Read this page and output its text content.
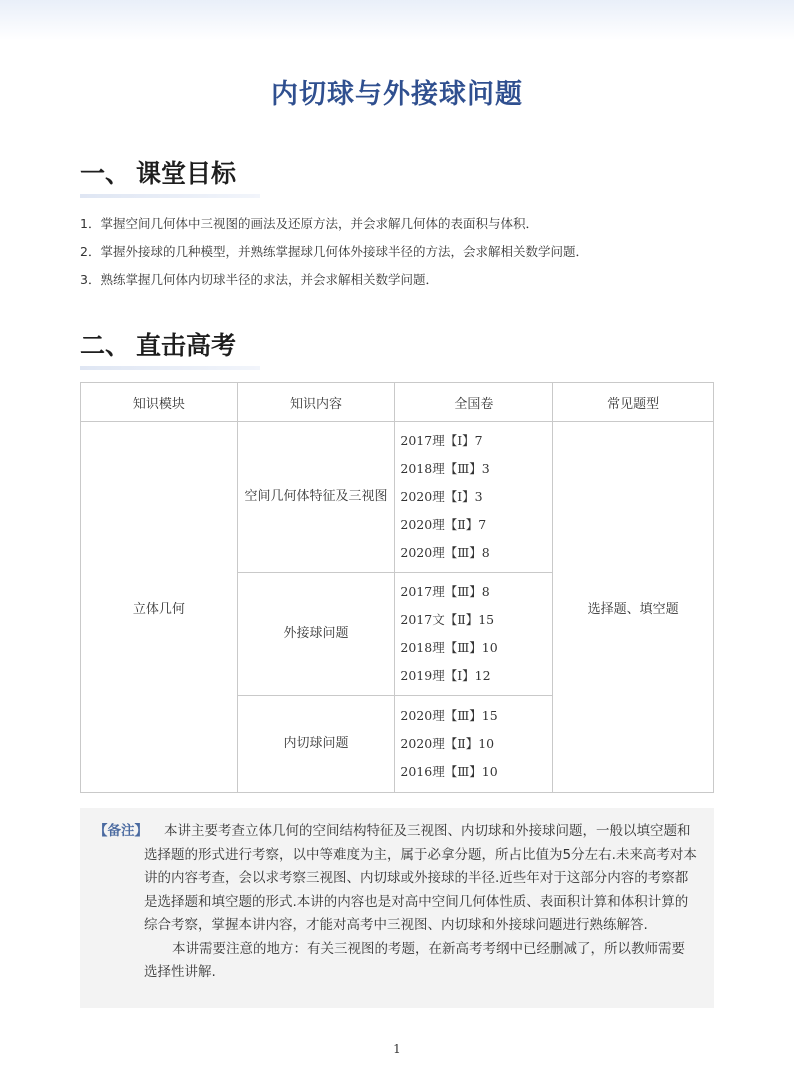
内切球与外接球问题
一、 课堂目标
1．掌握空间几何体中三视图的画法及还原方法，并会求解几何体的表面积与体积．
2．掌握外接球的几种模型，并熟练掌握球几何体外接球半径的方法，会求解相关数学问题．
3．熟练掌握几何体内切球半径的求法，并会求解相关数学问题．
二、 直击高考
知识模块	知识内容	全国卷	常见题型
立体几何	空间几何体特征及三视图	2017理【Ⅰ】7
2018理【Ⅲ】3
2020理【Ⅰ】3
2020理【Ⅱ】7
2020理【Ⅲ】8	选择题、填空题
	外接球问题	2017理【Ⅲ】8
2017文【Ⅱ】15
2018理【Ⅲ】10
2019理【Ⅰ】12	

	内切球问题	2020理【Ⅲ】15
2020理【Ⅱ】10
2016理【Ⅲ】10	

【备注】 本讲主要考查立体几何的空间结构特征及三视图、内切球和外接球问题，一般以填空题和选择题的形式进行考察，以中等难度为主，属于必拿分题，所占比值为5分左右.未来高考对本讲的内容考查，会以求考察三视图、内切球或外接球的半径.近些年对于这部分内容的考察都是选择题和填空题的形式.本讲的内容也是对高中空间几何体性质、表面积计算和体积计算的综合考察，掌握本讲内容，才能对高考中三视图、内切球和外接球问题进行熟练解答.

本讲需要注意的地方：有关三视图的考题，在新高考考纲中已经删减了，所以教师需要选择性讲解.

1
